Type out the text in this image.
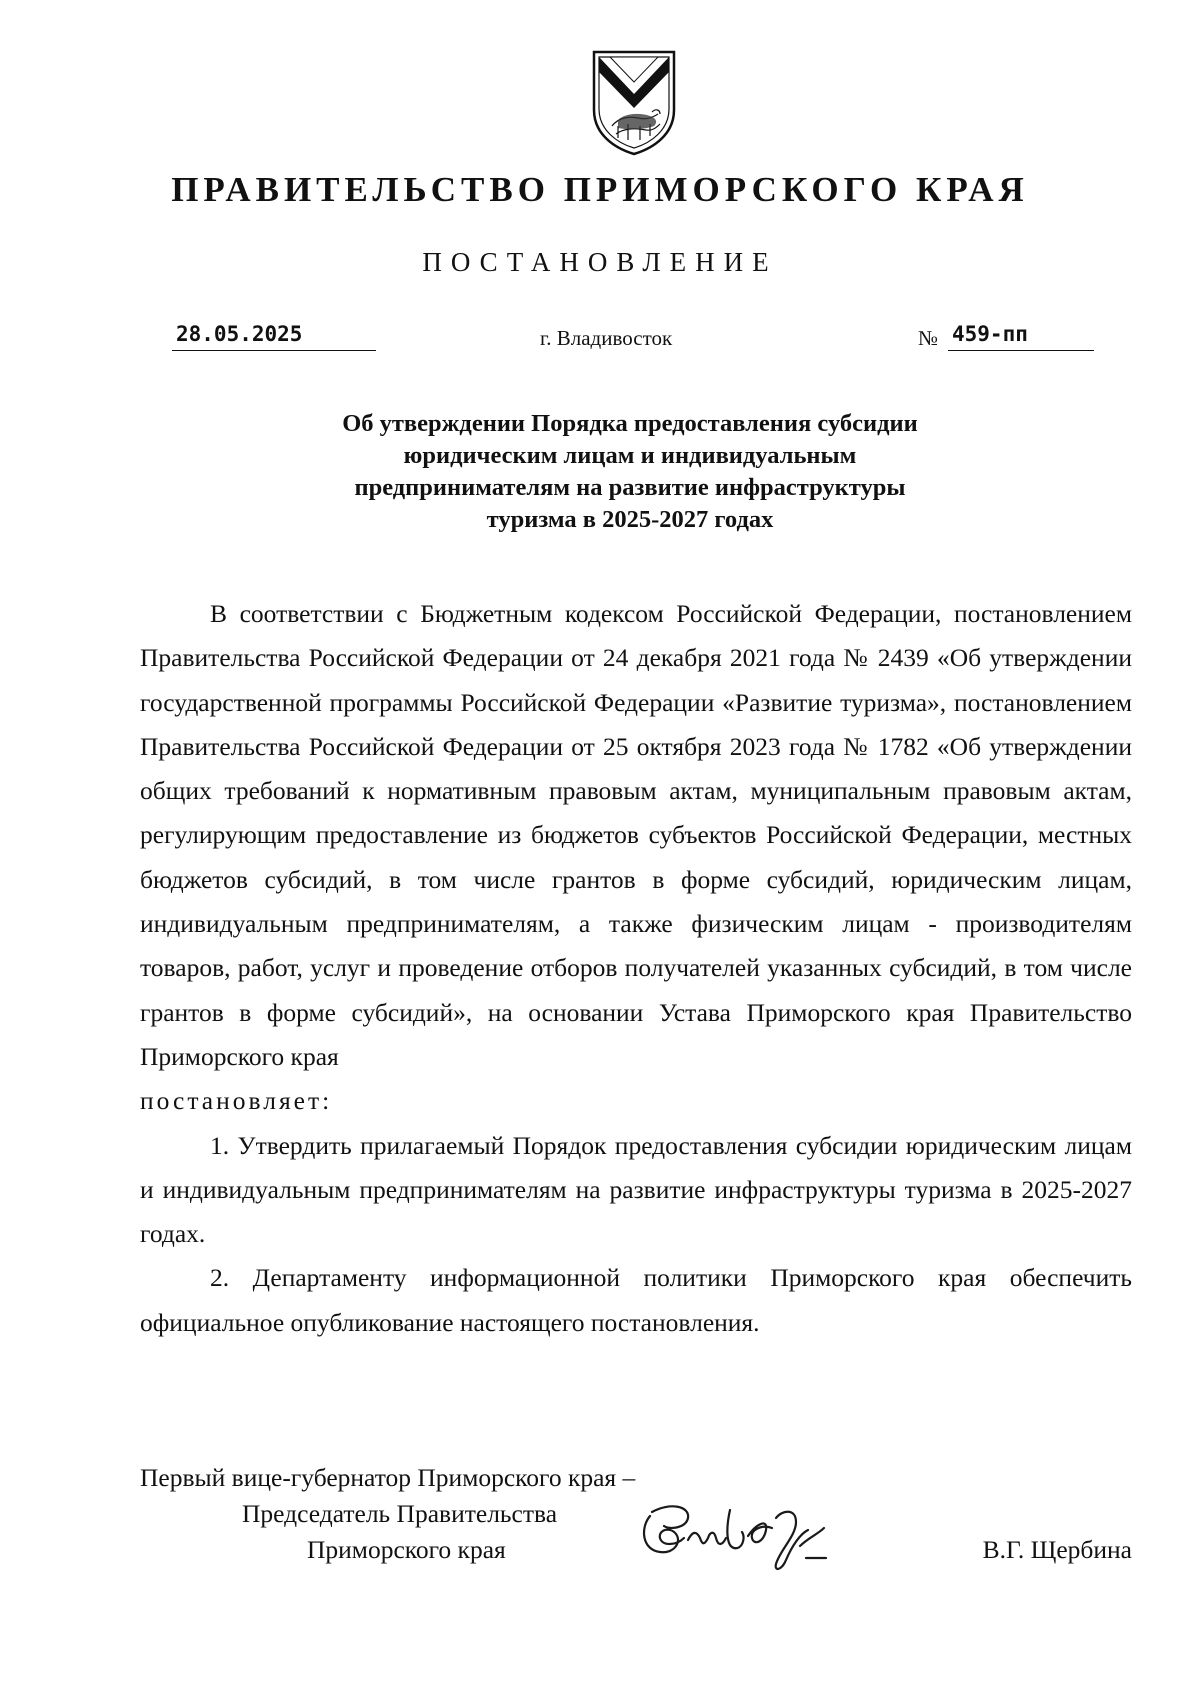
ПРАВИТЕЛЬСТВО ПРИМОРСКОГО КРАЯ
ПОСТАНОВЛЕНИЕ
28.05.2025	г. Владивосток	№ 459-пп
Об утверждении Порядка предоставления субсидии
юридическим лицам и индивидуальным
предпринимателям на развитие инфраструктуры
туризма в 2025-2027 годах

В соответствии с Бюджетным кодексом Российской Федерации, постановлением Правительства Российской Федерации от 24 декабря 2021 года № 2439 «Об утверждении государственной программы Российской Федерации «Развитие туризма», постановлением Правительства Российской Федерации от 25 октября 2023 года № 1782 «Об утверждении общих требований к нормативным правовым актам, муниципальным правовым актам, регулирующим предоставление из бюджетов субъектов Российской Федерации, местных бюджетов субсидий, в том числе грантов в форме субсидий, юридическим лицам, индивидуальным предпринимателям, а также физическим лицам - производителям товаров, работ, услуг и проведение отборов получателей указанных субсидий, в том числе грантов в форме субсидий», на основании Устава Приморского края Правительство Приморского края
постановляет:

1. Утвердить прилагаемый Порядок предоставления субсидии юридическим лицам и индивидуальным предпринимателям на развитие инфраструктуры туризма в 2025-2027 годах.

2. Департаменту информационной политики Приморского края обеспечить официальное опубликование настоящего постановления.

Первый вице-губернатор Приморского края –
Председатель Правительства
Приморского края	В.Г. Щербина
